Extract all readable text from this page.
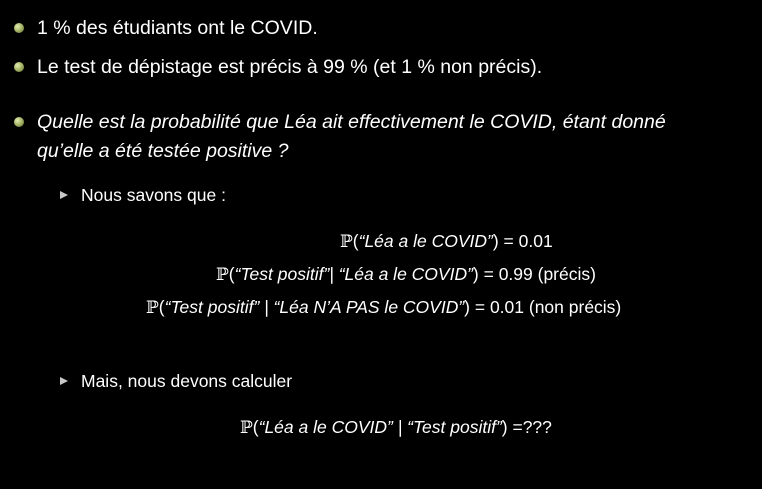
1 % des étudiants ont le COVID.
Le test de dépistage est précis à 99 % (et 1 % non précis).
Quelle est la probabilité que Léa ait effectivement le COVID, étant donné
qu’elle a été testée positive ?
Nous savons que :
ℙ(“Léa a le COVID”) = 0.01
ℙ(“Test positif”| “Léa a le COVID”) = 0.99 (précis)
ℙ(“Test positif” | “Léa N’A PAS le COVID”) = 0.01 (non précis)
Mais, nous devons calculer
ℙ(“Léa a le COVID” | “Test positif”) =???
